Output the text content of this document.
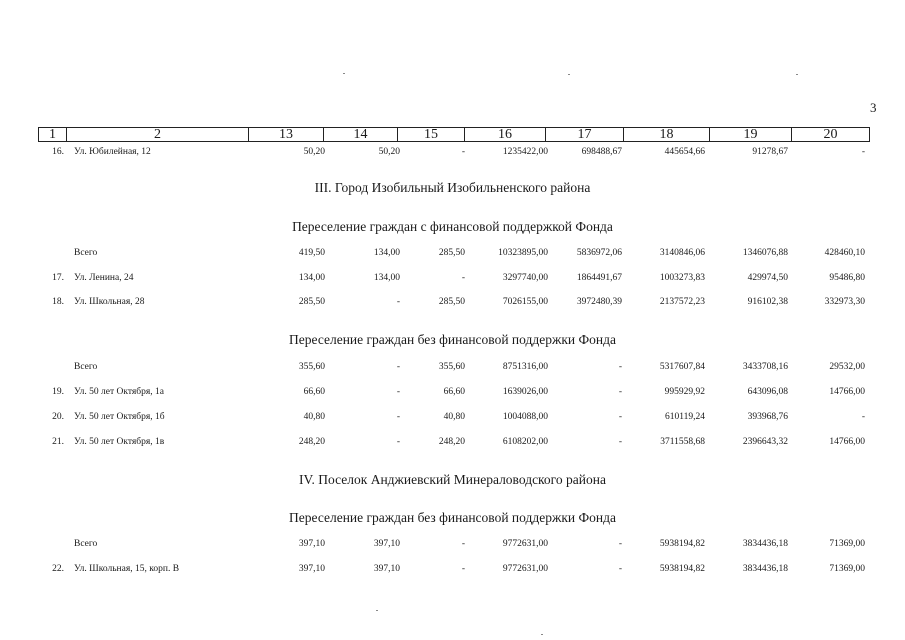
3
1	2	13	14	15	16	17	18	19	20
16. Ул. Юбилейная, 12	50,20	50,20	-	1235422,00	698488,67	445654,66	91278,67	-
III. Город Изобильный Изобильненского района
Переселение граждан с финансовой поддержкой Фонда
Всего	419,50	134,00	285,50	10323895,00	5836972,06	3140846,06	1346076,88	428460,10
17. Ул. Ленина, 24	134,00	134,00	-	3297740,00	1864491,67	1003273,83	429974,50	95486,80
18. Ул. Школьная, 28	285,50	-	285,50	7026155,00	3972480,39	2137572,23	916102,38	332973,30
Переселение граждан без финансовой поддержки Фонда
Всего	355,60	-	355,60	8751316,00	-	5317607,84	3433708,16	29532,00
19. Ул. 50 лет Октября, 1а	66,60	-	66,60	1639026,00	-	995929,92	643096,08	14766,00
20. Ул. 50 лет Октября, 1б	40,80	-	40,80	1004088,00	-	610119,24	393968,76	-
21. Ул. 50 лет Октября, 1в	248,20	-	248,20	6108202,00	-	3711558,68	2396643,32	14766,00
IV. Поселок Анджиевский Минераловодского района
Переселение граждан без финансовой поддержки Фонда
Всего	397,10	397,10	-	9772631,00	-	5938194,82	3834436,18	71369,00
22. Ул. Школьная, 15, корп. В	397,10	397,10	-	9772631,00	-	5938194,82	3834436,18	71369,00
